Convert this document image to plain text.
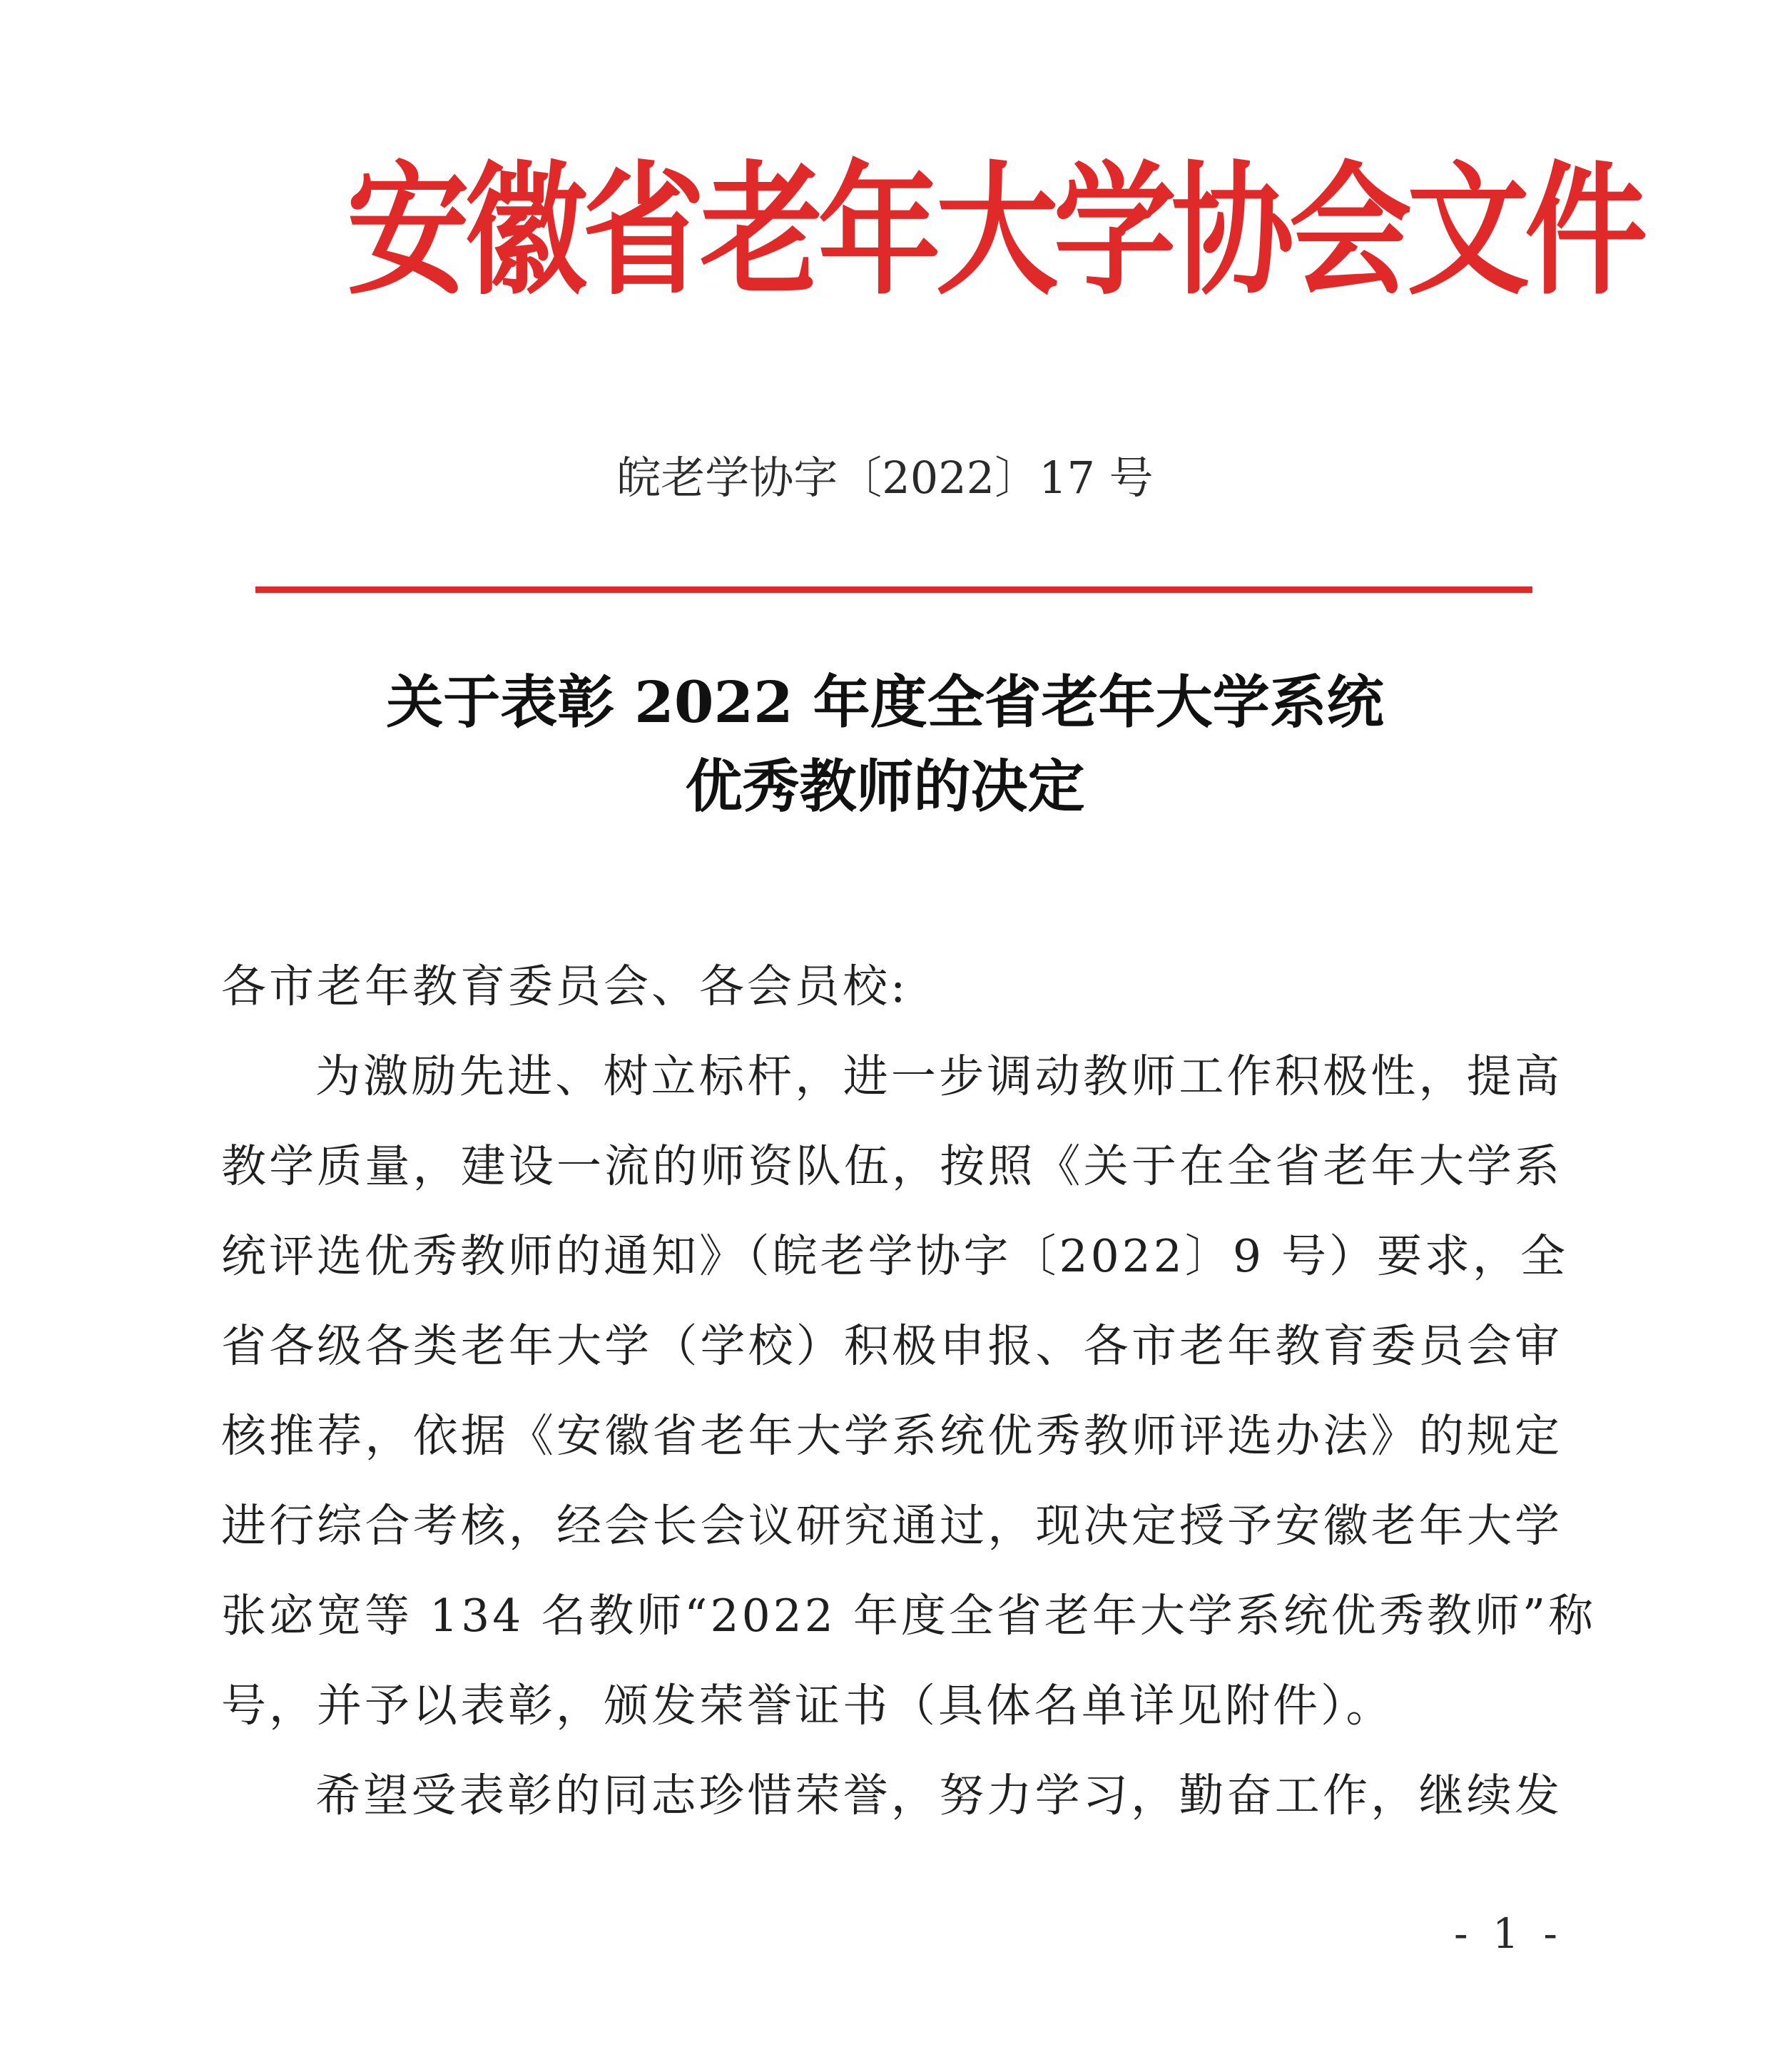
安徽省老年大学协会文件
皖老学协字〔2022〕17 号
关于表彰 2022 年度全省老年大学系统
优秀教师的决定
各市老年教育委员会、各会员校:
为激励先进、树立标杆，进一步调动教师工作积极性，提高
教学质量，建设一流的师资队伍，按照《关于在全省老年大学系
统评选优秀教师的通知》（皖老学协字〔2022〕9 号）要求，全
省各级各类老年大学（学校）积极申报、各市老年教育委员会审
核推荐，依据《安徽省老年大学系统优秀教师评选办法》的规定
进行综合考核，经会长会议研究通过，现决定授予安徽老年大学
张宓宽等 134 名教师“2022 年度全省老年大学系统优秀教师”称
号，并予以表彰，颁发荣誉证书（具体名单详见附件）。
希望受表彰的同志珍惜荣誉，努力学习，勤奋工作，继续发
- 1 -
